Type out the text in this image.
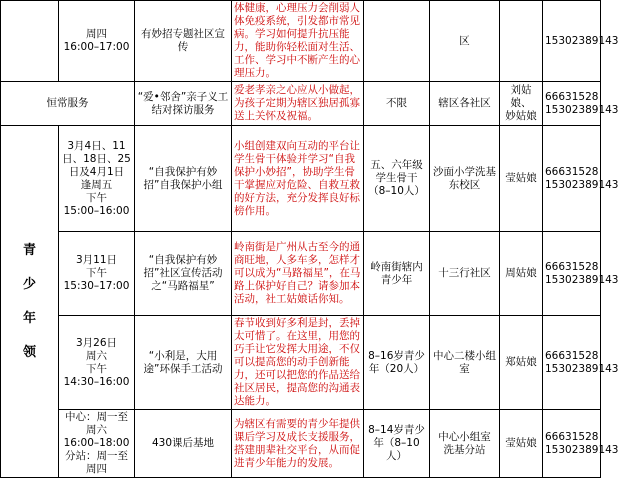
	周四
16:00–17:00	有妙招专题社区宣传	体健康，心理压力会削弱人体免疫系统，引发都市常见病。学习如何提升抗压能力，能助你轻松面对生活、工作、学习中不断产生的心理压力。		区		15302389143
恒常服务		“爱•邻舍”亲子义工结对探访服务	爱老孝亲之心应从小做起，为孩子定期为辖区独居孤寡送上关怀及祝福。	不限	辖区各社区	刘姑娘、
妙姑娘	66631528
15302389143

青
少
年
领	3月4日、11日、18日、25日及4月1日
逢周五
下午
15:00–16:00	“自我保护有妙招”自我保护小组	小组创建双向互动的平台让学生骨干体验并学习“自我保护小妙招”，协助学生骨干掌握应对危险、自救互救的好方法，充分发挥良好标榜作用。	五、六年级学生骨干（8–10人）	沙面小学洗基东校区	莹姑娘	66631528
15302389143
	3月11日
下午
15:30–17:00	“自我保护有妙招”社区宣传活动之“马路福星”	岭南街是广州从古至今的通商旺地，人多车多，怎样才可以成为“马路福星”，在马路上保护好自己？请参加本活动，社工姑娘话你知。	岭南街辖内青少年	十三行社区	周姑娘	66631528
15302389143
	3月26日
周六
下午
14:30–16:00	“小利是，大用途”环保手工活动	春节收到好多利是封，丢掉太可惜了。在这里，用您的巧手让它发挥大用途，不仅可以提高您的动手创新能力，还可以把您的作品送给社区居民，提高您的沟通表达能力。	8–16岁青少年（20人）	中心二楼小组室	郑姑娘	66631528
15302389143
	中心：周一至周六
16:00–18:00
分站：周一至周四	430课后基地	为辖区有需要的青少年提供课后学习及成长支援服务，搭建朋辈社交平台，从而促进青少年能力的发展。	8–14岁青少年（8–10人）	中心小组室
洗基分站	莹姑娘	66631528
15302389143
